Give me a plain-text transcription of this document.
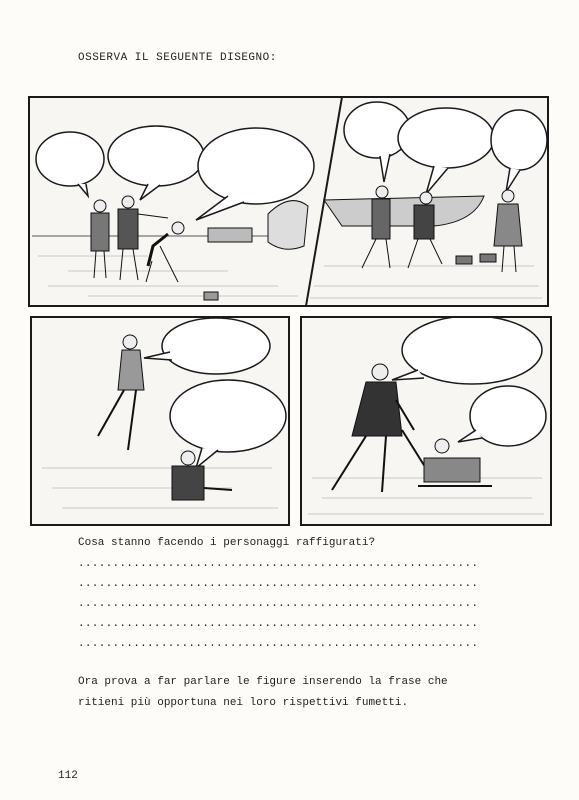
OSSERVA IL SEGUENTE DISEGNO:
Cosa stanno facendo i personaggi raffigurati?
..........................................................
..........................................................
..........................................................
..........................................................
..........................................................
Ora prova a far parlare le figure inserendo la frase che
ritieni più opportuna nei loro rispettivi fumetti.
112
